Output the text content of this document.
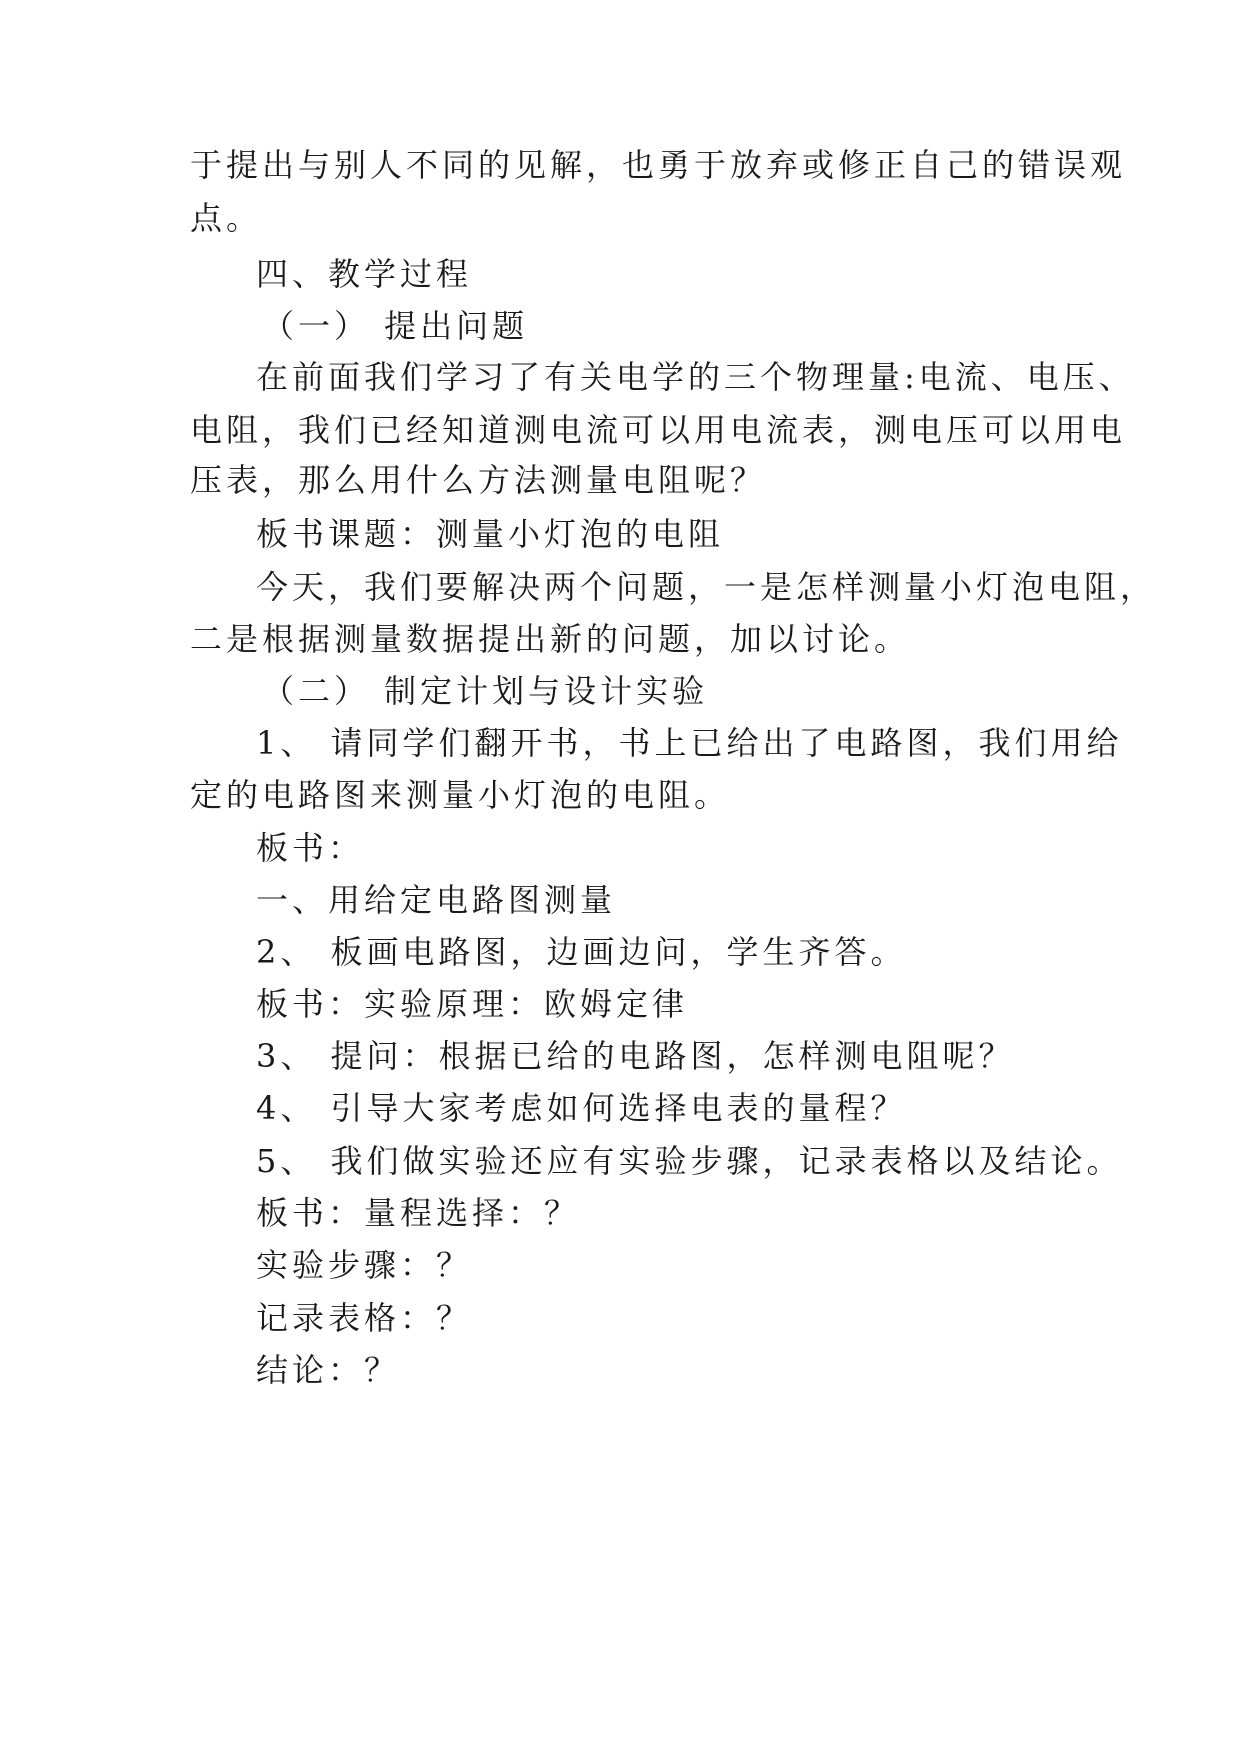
于提出与别人不同的见解，也勇于放弃或修正自己的错误观
点。
四、教学过程
（一） 提出问题
在前面我们学习了有关电学的三个物理量:电流、电压、
电阻，我们已经知道测电流可以用电流表，测电压可以用电
压表，那么用什么方法测量电阻呢？
板书课题：测量小灯泡的电阻
今天，我们要解决两个问题，一是怎样测量小灯泡电阻，
二是根据测量数据提出新的问题，加以讨论。
（二） 制定计划与设计实验
1、 请同学们翻开书，书上已给出了电路图，我们用给
定的电路图来测量小灯泡的电阻。
板书：
一、用给定电路图测量
2、 板画电路图，边画边问，学生齐答。
板书：实验原理：欧姆定律
3、 提问：根据已给的电路图，怎样测电阻呢？
4、 引导大家考虑如何选择电表的量程？
5、 我们做实验还应有实验步骤，记录表格以及结论。
板书：量程选择：？
实验步骤：？
记录表格：？
结论：？
